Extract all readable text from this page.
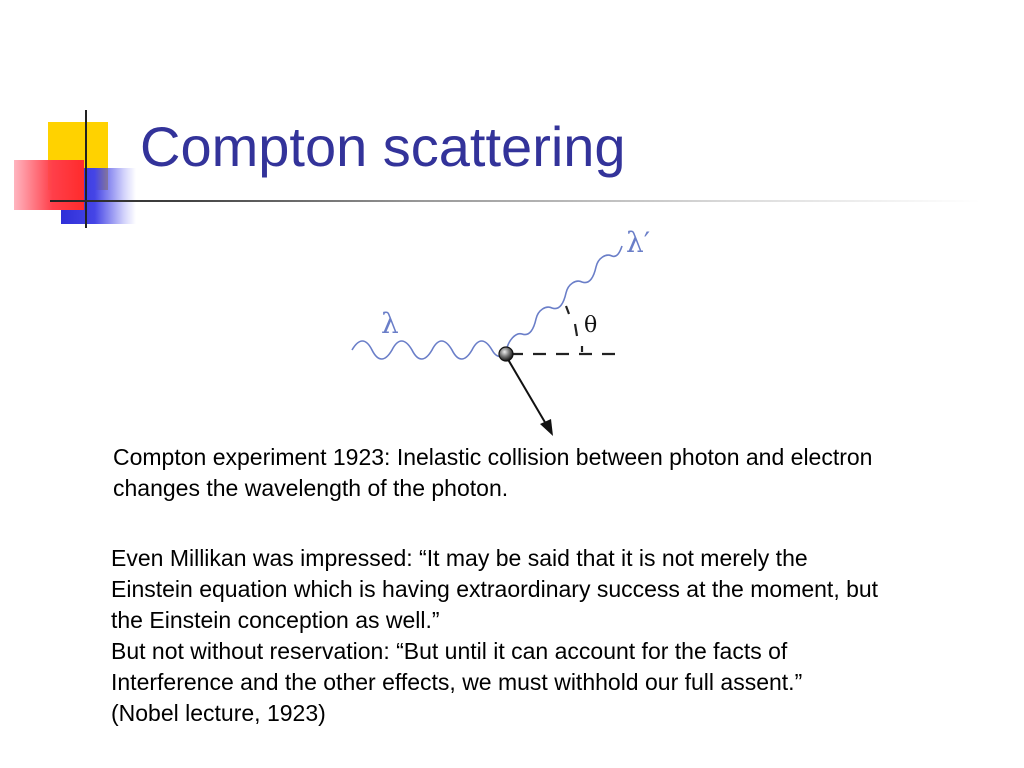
Compton scattering
λ
λ′
θ
Compton experiment 1923: Inelastic collision between photon and electron
changes the wavelength of the photon.

Even Millikan was impressed: “It may be said that it is not merely the

Einstein equation which is having extraordinary success at the moment, but

the Einstein conception as well.”

But not without reservation: “But until it can account for the facts of

Interference and the other effects, we must withhold our full assent.”

(Nobel lecture, 1923)
